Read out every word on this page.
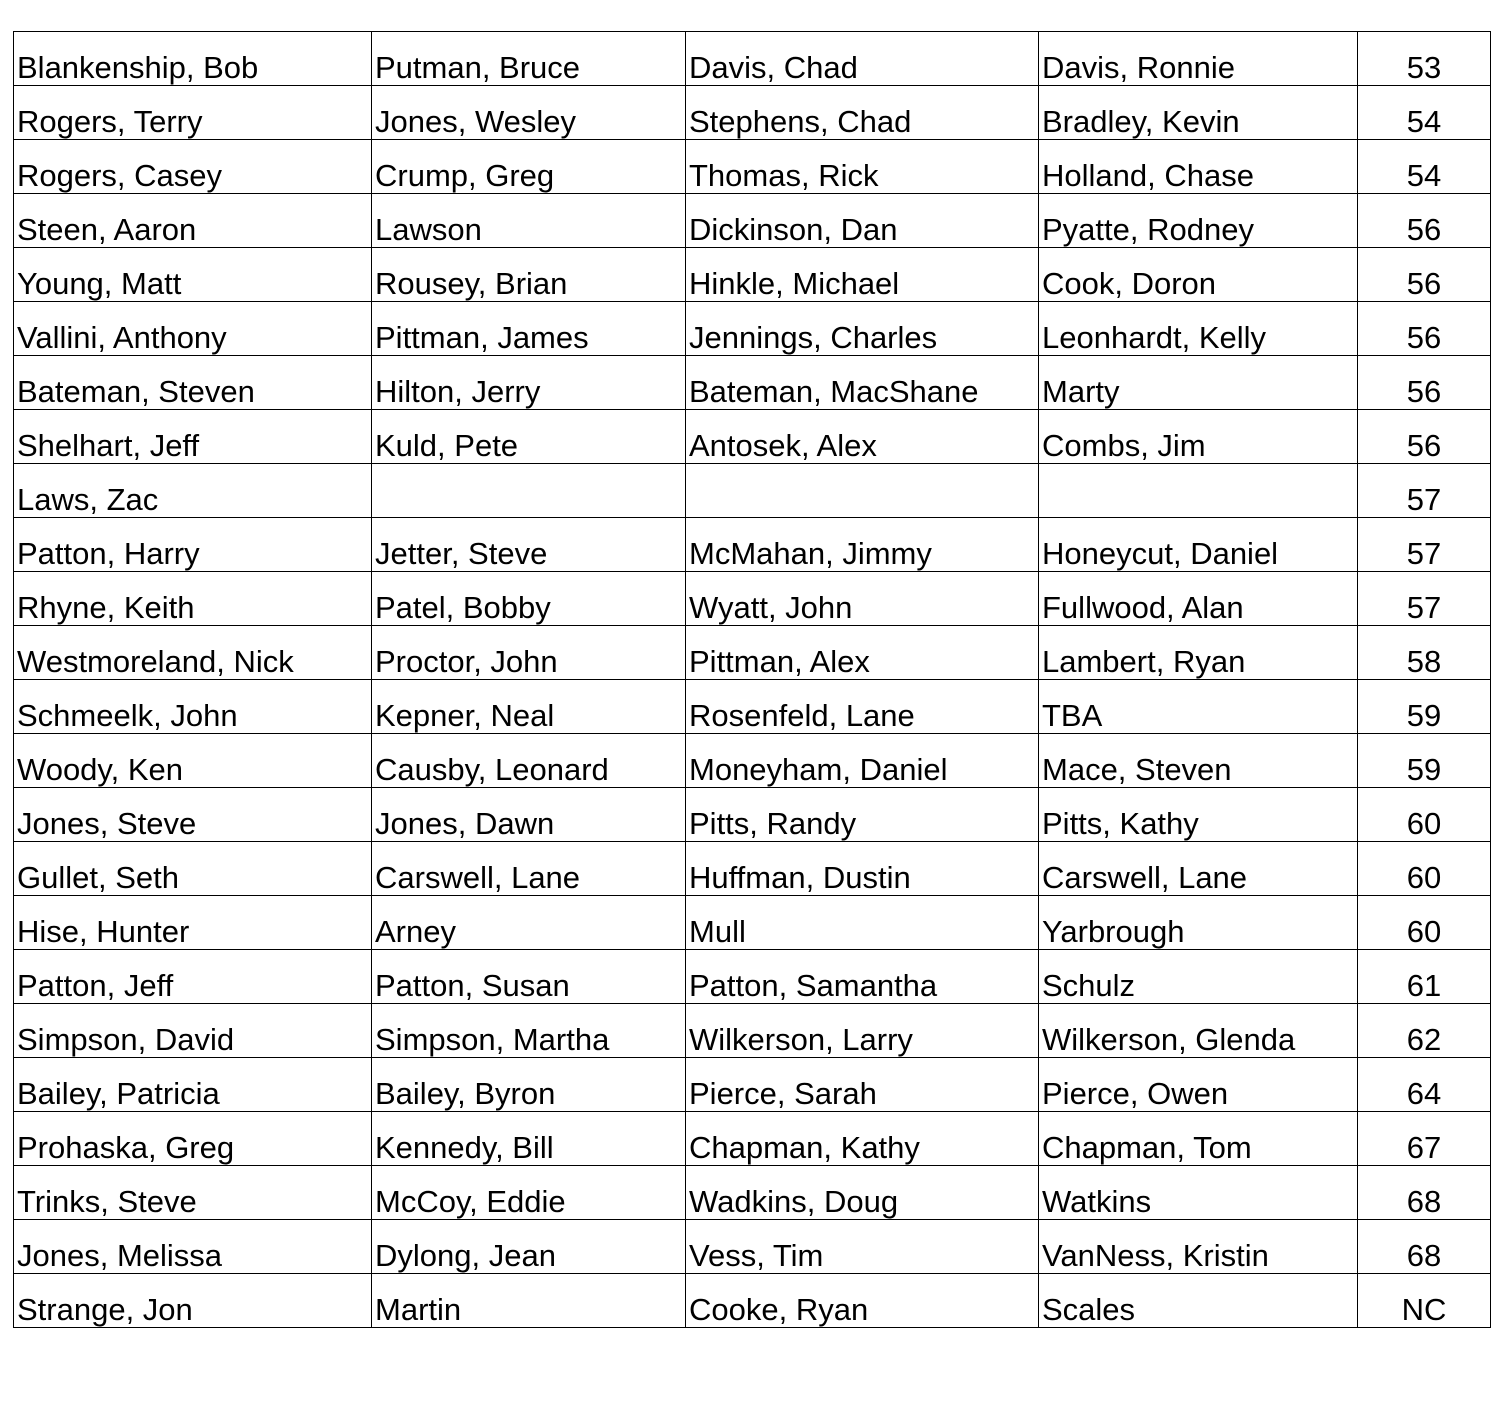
Blankenship, Bob	Putman, Bruce	Davis, Chad	Davis, Ronnie	53
Rogers, Terry	Jones, Wesley	Stephens, Chad	Bradley, Kevin	54
Rogers, Casey	Crump, Greg	Thomas, Rick	Holland, Chase	54
Steen, Aaron	Lawson	Dickinson, Dan	Pyatte, Rodney	56
Young, Matt	Rousey, Brian	Hinkle, Michael	Cook, Doron	56
Vallini, Anthony	Pittman, James	Jennings, Charles	Leonhardt, Kelly	56
Bateman, Steven	Hilton, Jerry	Bateman, MacShane	Marty	56
Shelhart, Jeff	Kuld, Pete	Antosek, Alex	Combs, Jim	56
Laws, Zac				57
Patton, Harry	Jetter, Steve	McMahan, Jimmy	Honeycut, Daniel	57
Rhyne, Keith	Patel, Bobby	Wyatt, John	Fullwood, Alan	57
Westmoreland, Nick	Proctor, John	Pittman, Alex	Lambert, Ryan	58
Schmeelk, John	Kepner, Neal	Rosenfeld, Lane	TBA	59
Woody, Ken	Causby, Leonard	Moneyham, Daniel	Mace, Steven	59
Jones, Steve	Jones, Dawn	Pitts, Randy	Pitts, Kathy	60
Gullet, Seth	Carswell, Lane	Huffman, Dustin	Carswell, Lane	60
Hise, Hunter	Arney	Mull	Yarbrough	60
Patton, Jeff	Patton, Susan	Patton, Samantha	Schulz	61
Simpson, David	Simpson, Martha	Wilkerson, Larry	Wilkerson, Glenda	62
Bailey, Patricia	Bailey, Byron	Pierce, Sarah	Pierce, Owen	64
Prohaska, Greg	Kennedy, Bill	Chapman, Kathy	Chapman, Tom	67
Trinks, Steve	McCoy, Eddie	Wadkins, Doug	Watkins	68
Jones, Melissa	Dylong, Jean	Vess, Tim	VanNess, Kristin	68
Strange, Jon	Martin	Cooke, Ryan	Scales	NC
